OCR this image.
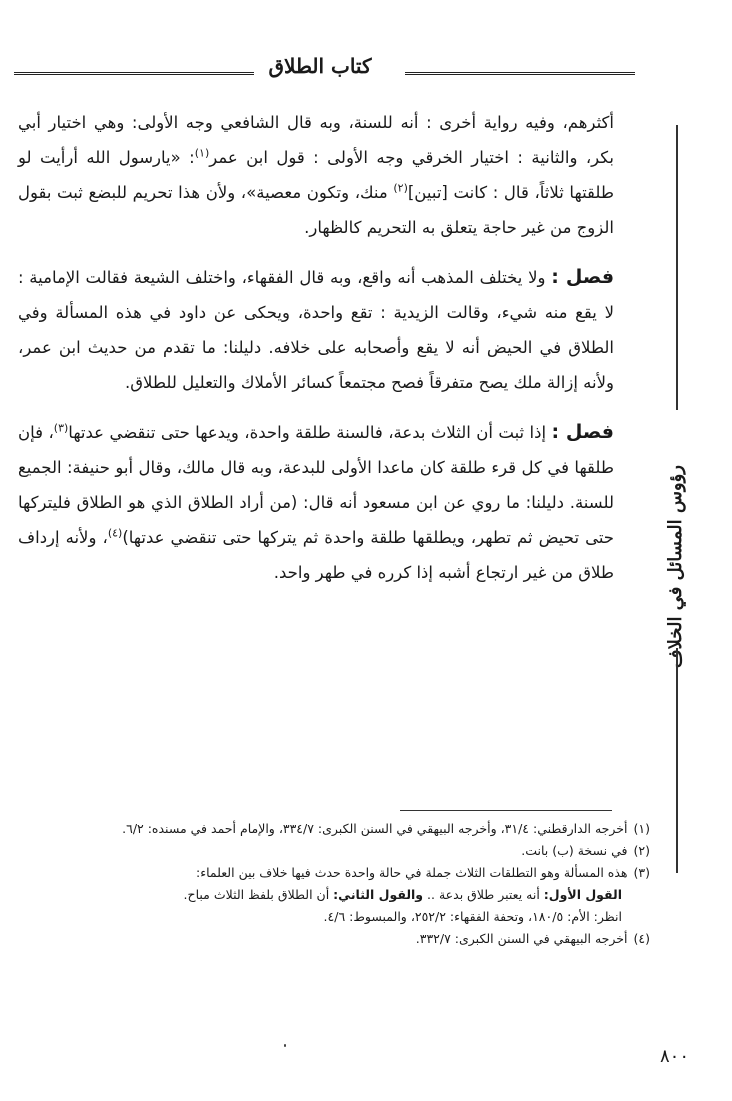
كتاب الطلاق
رؤوس المسائل في الخلاف

أكثرهم، وفيه رواية أخرى : أنه للسنة، وبه قال الشافعي وجه الأولى: وهي اختيار أبي بكر، والثانية : اختيار الخرقي وجه الأولى : قول ابن عمر$^{(١)}$: «يارسول الله أرأيت لو طلقتها ثلاثاً، قال : كانت [تبين]$^{(٢)}$ منك، وتكون معصية»، ولأن هذا تحريم للبضع ثبت بقول الزوج من غير حاجة يتعلق به التحريم كالظهار.

فصل : ولا يختلف المذهب أنه واقع، وبه قال الفقهاء، واختلف الشيعة فقالت الإمامية : لا يقع منه شيء، وقالت الزيدية : تقع واحدة، ويحكى عن داود في هذه المسألة وفي الطلاق في الحيض أنه لا يقع وأصحابه على خلافه. دليلنا: ما تقدم من حديث ابن عمر، ولأنه إزالة ملك يصح متفرقاً فصح مجتمعاً كسائر الأملاك والتعليل للطلاق.

فصل : إذا ثبت أن الثلاث بدعة، فالسنة طلقة واحدة، ويدعها حتى تنقضي عدتها$^{(٣)}$، فإن طلقها في كل قرء طلقة كان ماعدا الأولى للبدعة، وبه قال مالك، وقال أبو حنيفة: الجميع للسنة. دليلنا: ما روي عن ابن مسعود أنه قال: (من أراد الطلاق الذي هو الطلاق فليتركها حتى تحيض ثم تطهر، ويطلقها طلقة واحدة ثم يتركها حتى تنقضي عدتها)$^{(٤)}$، ولأنه إرداف طلاق من غير ارتجاع أشبه إذا كرره في طهر واحد.

(١)أخرجه الدارقطني: ٣١/٤، وأخرجه البيهقي في السنن الكبرى: ٣٣٤/٧، والإمام أحمد في مسنده: ٦/٢.

(٢)في نسخة (ب) بانت.

(٣)هذه المسألة وهو التطلقات الثلاث جملة في حالة واحدة حدث فيها خلاف بين العلماء:

القول الأول: أنه يعتبر طلاق بدعة .. والقول الثاني: أن الطلاق بلفظ الثلاث مباح.

انظر: الأم: ١٨٠/٥، وتحفة الفقهاء: ٢٥٢/٢، والمبسوط: ٤/٦.

(٤)أخرجه البيهقي في السنن الكبرى: ٣٣٢/٧.

٨٠٠
